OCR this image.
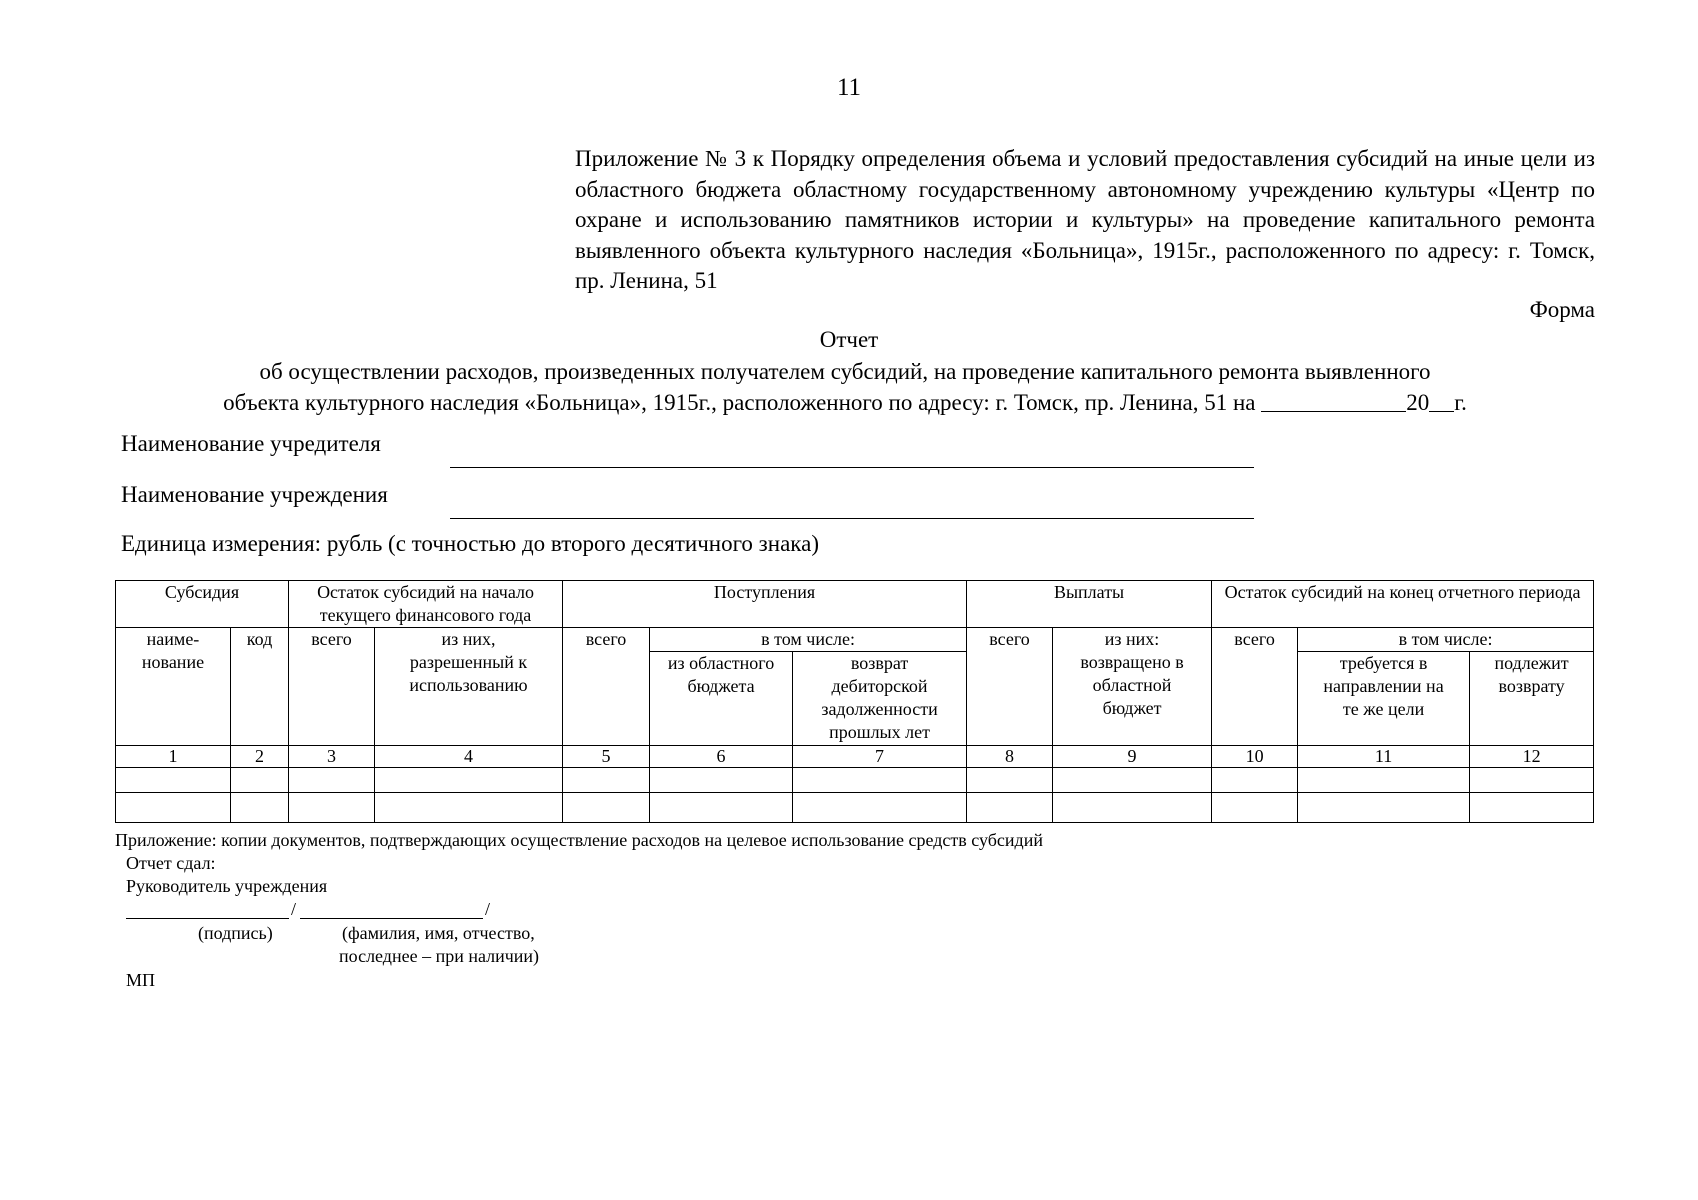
11
Приложение № 3 к Порядку определения объема и условий предоставления субсидий на иные цели из областного бюджета областному государственному автономному учреждению культуры «Центр по охране и использованию памятников истории и культуры» на проведение капитального ремонта выявленного объекта культурного наследия «Больница», 1915г., расположенного по адресу: г. Томск, пр. Ленина, 51
Форма
Отчет
об осуществлении расходов, произведенных получателем субсидий, на проведение капитального ремонта выявленного
объекта культурного наследия «Больница», 1915г., расположенного по адресу: г. Томск, пр. Ленина, 51 на	20 г.
Наименование учредителя
Наименование учреждения
Единица измерения: рубль (с точностью до второго десятичного знака)
Субсидия		Остаток субсидий на начало текущего финансового года		Поступления			Выплаты		Остаток субсидий на конец отчетного периода		
наиме-нование	код	всего	из них, разрешенный к использованию	всего	в том числе:		всего	из них: возвращено в областной бюджет	всего	в том числе:	
					из областного бюджета	возврат дебиторской задолженности прошлых лет				требуется в направлении на те же цели	подлежит возврату
1	2	3	4	5	6	7	8	9	10	11	12

Приложение: копии документов, подтверждающих осуществление расходов на целевое использование средств субсидий
Отчет сдал:
Руководитель учреждения
/	/
(подпись)	(фамилия, имя, отчество,
последнее – при наличии)
МП
